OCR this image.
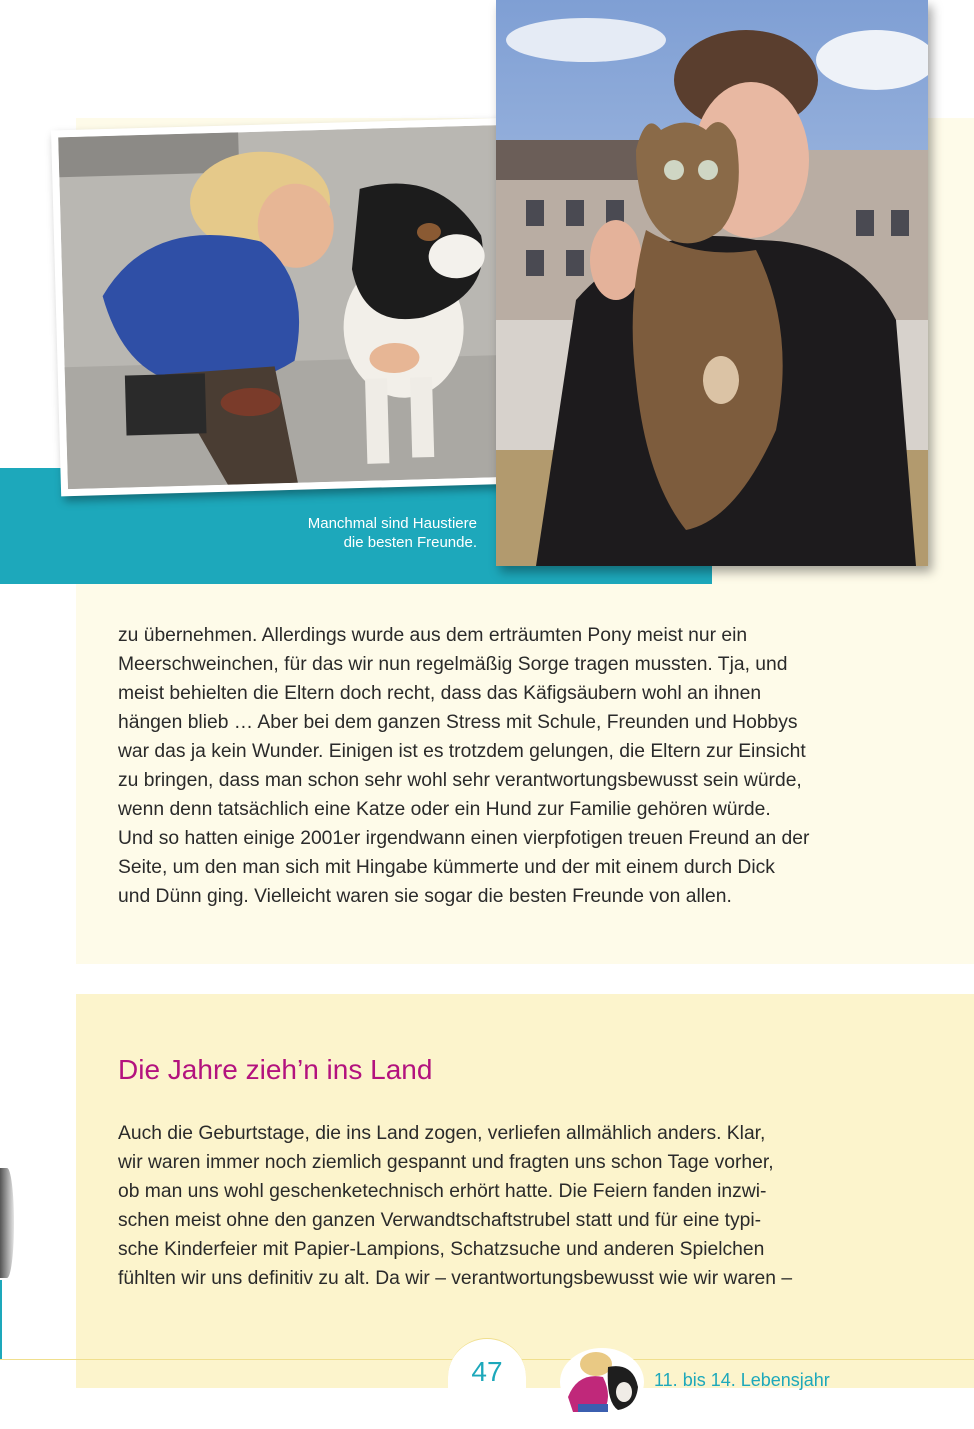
Manchmal sind Haustiere
die besten Freunde.

zu übernehmen. Allerdings wurde aus dem erträumten Pony meist nur ein
Meerschweinchen, für das wir nun regelmäßig Sorge tragen mussten. Tja, und
meist behielten die Eltern doch recht, dass das Käfigsäubern wohl an ihnen
hängen blieb … Aber bei dem ganzen Stress mit Schule, Freunden und Hobbys
war das ja kein Wunder. Einigen ist es trotzdem gelungen, die Eltern zur Einsicht
zu bringen, dass man schon sehr wohl sehr verantwortungsbewusst sein würde,
wenn denn tatsächlich eine Katze oder ein Hund zur Familie gehören würde.
Und so hatten einige 2001er irgendwann einen vierpfotigen treuen Freund an der
Seite, um den man sich mit Hingabe kümmerte und der mit einem durch Dick
und Dünn ging. Vielleicht waren sie sogar die besten Freunde von allen.

Die Jahre zieh’n ins Land

Auch die Geburtstage, die ins Land zogen, verliefen allmählich anders. Klar,
wir waren immer noch ziemlich gespannt und fragten uns schon Tage vorher,
ob man uns wohl geschenketechnisch erhört hatte. Die Feiern fanden inzwi-
schen meist ohne den ganzen Verwandtschaftstrubel statt und für eine typi-
sche Kinderfeier mit Papier-Lampions, Schatzsuche und anderen Spielchen
fühlten wir uns definitiv zu alt. Da wir – verantwortungsbewusst wie wir waren –

47	11. bis 14. Lebensjahr
